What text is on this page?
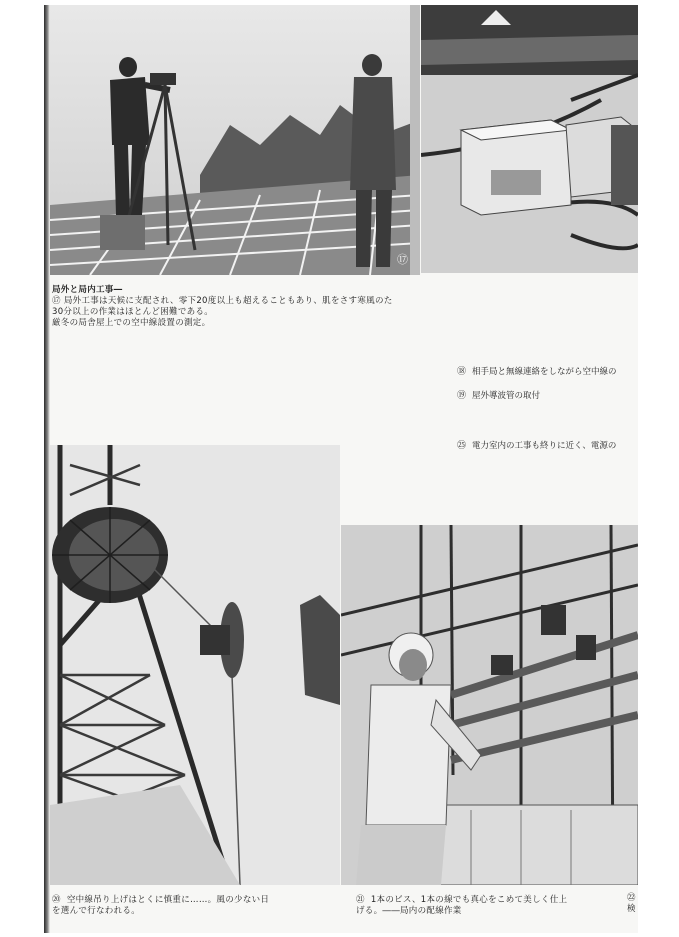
⑰
局外と局内工事―
⑰ 局外工事は天候に支配され、零下20度以上も超えることもあり、肌をさす寒風のた
30分以上の作業はほとんど困難である。
厳冬の局舎屋上での空中線設置の測定。
⑱ 相手局と無線連絡をしながら空中線の
⑲ 屋外導波管の取付
㉕ 電力室内の工事も終りに近く、電源の
⑳ 空中線吊り上げはとくに慎重に……。風の少ない日
を選んで行なわれる。
㉑ 1本のビス、1本の線でも真心をこめて美しく仕上
げる。――局内の配線作業
㉒
検
